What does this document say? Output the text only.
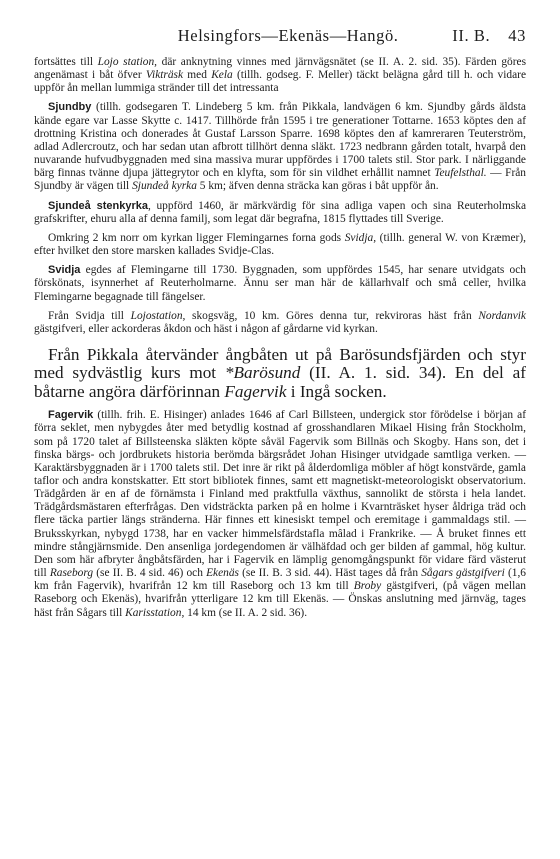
Helsingfors—Ekenäs—Hangö.	II. B. 43

fortsättes till Lojo station, där anknytning vinnes med järnvägsnätet (se II. A. 2. sid. 35). Färden göres angenämast i båt öfver Vikträsk med Kela (tillh. godseg. F. Meller) täckt belägna gård till h. och vidare uppför ån mellan lummiga stränder till det intressanta

Sjundby (tillh. godsegaren T. Lindeberg 5 km. från Pikkala, landvägen 6 km. Sjundby gårds äldsta kände egare var Lasse Skytte c. 1417. Tillhörde från 1595 i tre generationer Tottarne. 1653 köptes den af drottning Kristina och donerades åt Gustaf Larsson Sparre. 1698 köptes den af kamreraren Teuterström, adlad Adlercroutz, och har sedan utan afbrott tillhört denna släkt. 1723 nedbrann gården totalt, hvarpå den nuvarande hufvudbyggnaden med sina massiva murar uppfördes i 1700 talets stil. Stor park. I närliggande bärg finnas tvänne djupa jättegrytor och en klyfta, som för sin vildhet erhållit namnet Teufelsthal. — Från Sjundby är vägen till Sjundeå kyrka 5 km; äfven denna sträcka kan göras i båt uppför ån.

Sjundeå stenkyrka, uppförd 1460, är märkvärdig för sina adliga vapen och sina Reuterholmska grafskrifter, ehuru alla af denna familj, som legat där begrafna, 1815 flyttades till Sverige.

Omkring 2 km norr om kyrkan ligger Flemingarnes forna gods Svidja, (tillh. general W. von Kræmer), efter hvilket den store marsken kallades Svidje-Clas.

Svidja egdes af Flemingarne till 1730. Byggnaden, som uppfördes 1545, har senare utvidgats och förskönats, isynnerhet af Reuterholmarne. Ännu ser man här de källarhvalf och små celler, hvilka Flemingarne begagnade till fängelser.

Från Svidja till Lojostation, skogsväg, 10 km. Göres denna tur, rekviroras häst från Nordanvik gästgifveri, eller ackorderas åkdon och häst i någon af gårdarne vid kyrkan.

Från Pikkala återvänder ångbåten ut på Barösundsfjärden och styr med sydvästlig kurs mot *Barösund (II. A. 1. sid. 34). En del af båtarne angöra därförinnan Fagervik i Ingå socken.

Fagervik (tillh. frih. E. Hisinger) anlades 1646 af Carl Billsteen, undergick stor förödelse i början af förra seklet, men nybygdes åter med betydlig kostnad af grosshandlaren Mikael Hising från Stockholm, som på 1720 talet af Billsteenska släkten köpte såväl Fagervik som Billnäs och Skogby. Hans son, det i finska bärgs- och jordbrukets historia berömda bärgsrådet Johan Hisinger utvidgade samtliga verken. — Karaktärsbyggnaden är i 1700 talets stil. Det inre är rikt på ålderdomliga möbler af högt konstvärde, gamla taflor och andra konstskatter. Ett stort bibliotek finnes, samt ett magnetiskt-meteorologiskt observatorium. Trädgården är en af de förnämsta i Finland med praktfulla växthus, sannolikt de största i hela landet. Trädgårdsmästaren efterfrågas. Den vidsträckta parken på en holme i Kvarnträsket hyser åldriga träd och flere täcka partier längs stränderna. Här finnes ett kinesiskt tempel och eremitage i gammaldags stil. — Bruksskyrkan, nybygd 1738, har en vacker himmelsfärdstafla mâlad i Frankrike. — Å bruket finnes ett mindre stångjärnsmide. Den ansenliga jordegendomen är välhäfdad och ger bilden af gammal, hög kultur. Den som här afbryter ångbåtsfärden, har i Fagervik en lämplig genomgångspunkt för vidare färd västerut till Raseborg (se II. B. 4 sid. 46) och Ekenäs (se II. B. 3 sid. 44). Häst tages då från Sågars gästgifveri (1,6 km från Fagervik), hvarifrån 12 km till Raseborg och 13 km till Broby gästgifveri, (på vägen mellan Raseborg och Ekenäs), hvarifrån ytterligare 12 km till Ekenäs. — Önskas anslutning med järnväg, tages häst från Sågars till Karisstation, 14 km (se II. A. 2 sid. 36).
